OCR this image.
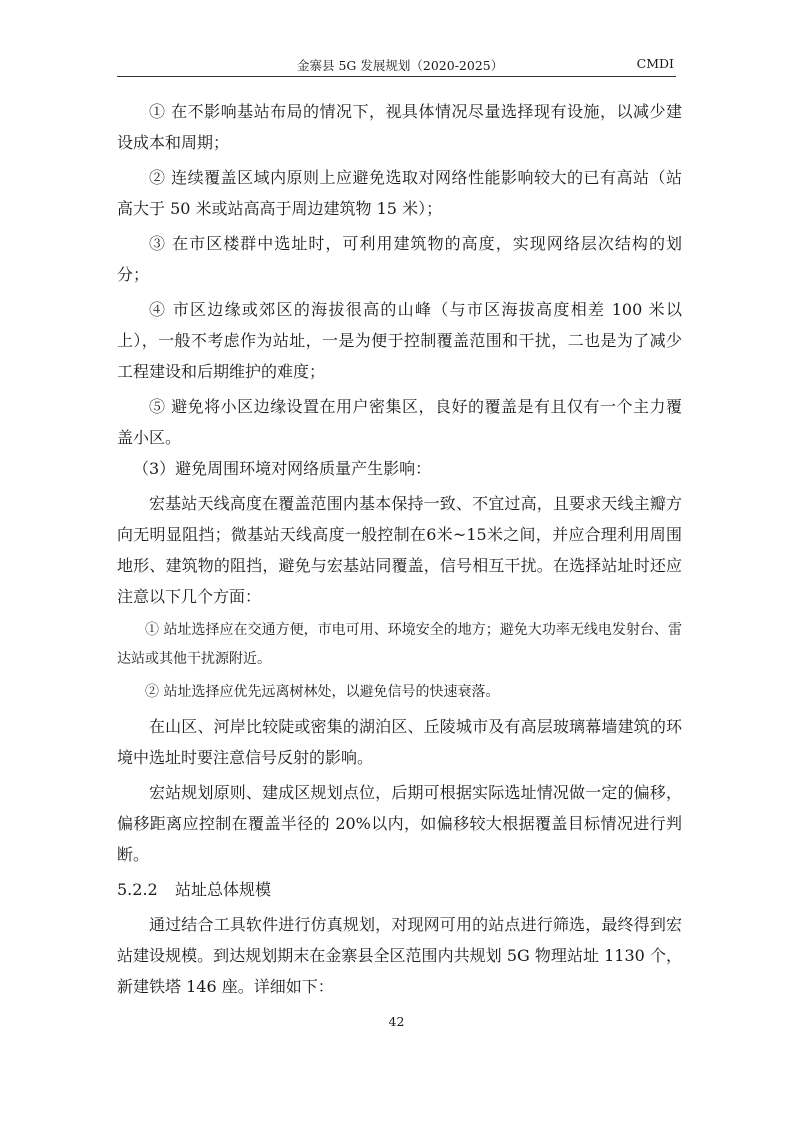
金寨县 5G 发展规划（2020-2025）	CMDI

① 在不影响基站布局的情况下，视具体情况尽量选择现有设施，以减少建设成本和周期；

② 连续覆盖区域内原则上应避免选取对网络性能影响较大的已有高站（站高大于 50 米或站高高于周边建筑物 15 米）；

③ 在市区楼群中选址时，可利用建筑物的高度，实现网络层次结构的划分；

④ 市区边缘或郊区的海拔很高的山峰（与市区海拔高度相差 100 米以上），一般不考虑作为站址，一是为便于控制覆盖范围和干扰，二也是为了减少工程建设和后期维护的难度；

⑤ 避免将小区边缘设置在用户密集区，良好的覆盖是有且仅有一个主力覆盖小区。

（3）避免周围环境对网络质量产生影响：

宏基站天线高度在覆盖范围内基本保持一致、不宜过高，且要求天线主瓣方向无明显阻挡；微基站天线高度一般控制在6米~15米之间，并应合理利用周围地形、建筑物的阻挡，避免与宏基站同覆盖，信号相互干扰。在选择站址时还应注意以下几个方面：

① 站址选择应在交通方便，市电可用、环境安全的地方；避免大功率无线电发射台、雷达站或其他干扰源附近。

② 站址选择应优先远离树林处，以避免信号的快速衰落。

在山区、河岸比较陡或密集的湖泊区、丘陵城市及有高层玻璃幕墙建筑的环境中选址时要注意信号反射的影响。

宏站规划原则、建成区规划点位，后期可根据实际选址情况做一定的偏移，偏移距离应控制在覆盖半径的 20%以内，如偏移较大根据覆盖目标情况进行判断。

5.2.2 站址总体规模

通过结合工具软件进行仿真规划，对现网可用的站点进行筛选，最终得到宏站建设规模。到达规划期末在金寨县全区范围内共规划 5G 物理站址 1130 个，新建铁塔 146 座。详细如下：

42
